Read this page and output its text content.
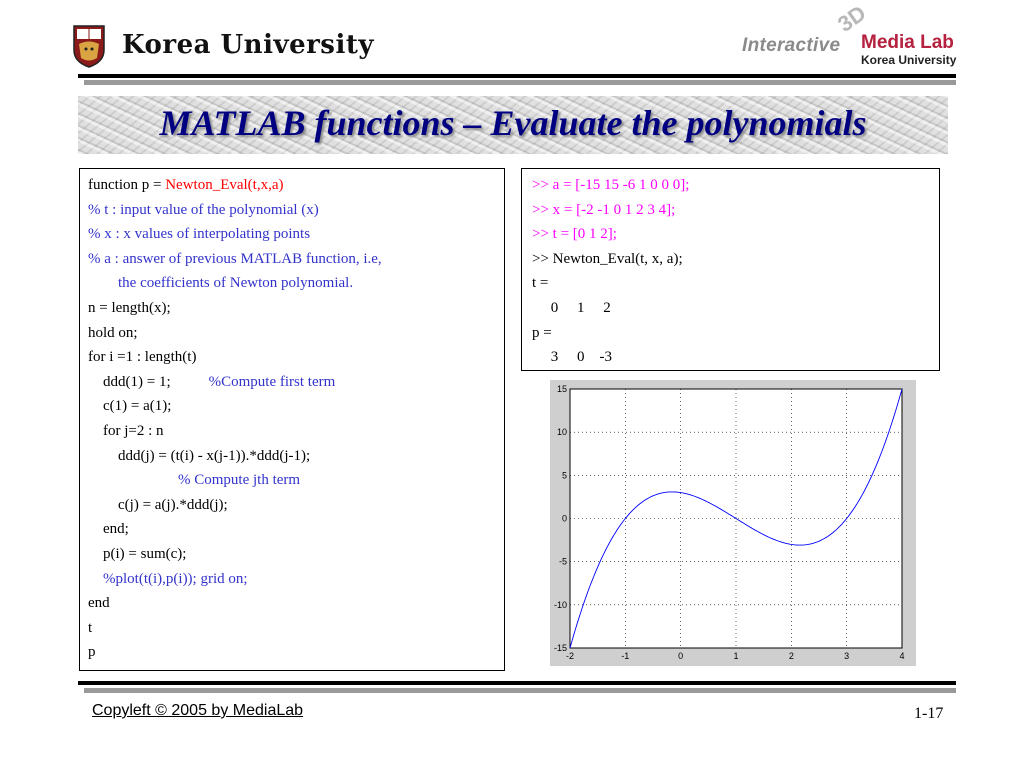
Korea University	Interactive
3D
Media Lab
Korea University
MATLAB functions – Evaluate the polynomials
function p = Newton_Eval(t,x,a)
% t : input value of the polynomial (x)
% x : x values of interpolating points
% a : answer of previous MATLAB function, i.e,
the coefficients of Newton polynomial.
n = length(x);
hold on;
for i =1 : length(t)
ddd(1) = 1;	%Compute first term
c(1) = a(1);
for j=2 : n
ddd(j) = (t(i) - x(j-1)).*ddd(j-1);
% Compute jth term
c(j) = a(j).*ddd(j);
end;
p(i) = sum(c);
%plot(t(i),p(i)); grid on;
end
t
p
>> a = [-15 15 -6 1 0 0 0];
>> x = [-2 -1 0 1 2 3 4];
>> t = [0 1 2];
>> Newton_Eval(t, x, a);
t =
0     1     2
p =
3     0    -3
-2	-1	0	1	2	3	4
-15
-10
-5
0
5
10
15
Copyleft © 2005 by MediaLab	1-17
